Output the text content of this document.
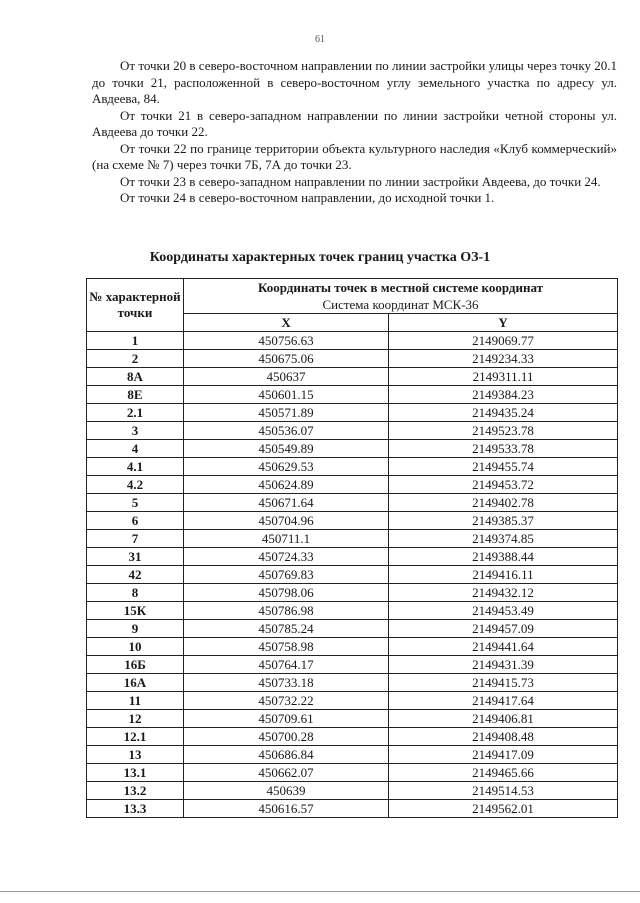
61

От точки 20 в северо-восточном направлении по линии застройки улицы через точку 20.1 до точки 21, расположенной в северо-восточном углу земельного участка по адресу ул. Авдеева, 84.

От точки 21 в северо-западном направлении по линии застройки четной стороны ул. Авдеева до точки 22.

От точки 22 по границе территории объекта культурного наследия «Клуб коммерческий» (на схеме № 7) через точки 7Б, 7А до точки 23.

От точки 23 в северо-западном направлении по линии застройки Авдеева, до точки 24.

От точки 24 в северо-восточном направлении, до исходной точки 1.

Координаты характерных точек границ участка ОЗ-1
№ характерной точки	Координаты точек в местной системе координат
Система координат МСК-36	

	X	Y
1	450756.63	2149069.77
2	450675.06	2149234.33
8А	450637	2149311.11
8Е	450601.15	2149384.23
2.1	450571.89	2149435.24
3	450536.07	2149523.78
4	450549.89	2149533.78
4.1	450629.53	2149455.74
4.2	450624.89	2149453.72
5	450671.64	2149402.78
6	450704.96	2149385.37
7	450711.1	2149374.85
31	450724.33	2149388.44
42	450769.83	2149416.11
8	450798.06	2149432.12
15К	450786.98	2149453.49
9	450785.24	2149457.09
10	450758.98	2149441.64
16Б	450764.17	2149431.39
16А	450733.18	2149415.73
11	450732.22	2149417.64
12	450709.61	2149406.81
12.1	450700.28	2149408.48
13	450686.84	2149417.09
13.1	450662.07	2149465.66
13.2	450639	2149514.53
13.3	450616.57	2149562.01
